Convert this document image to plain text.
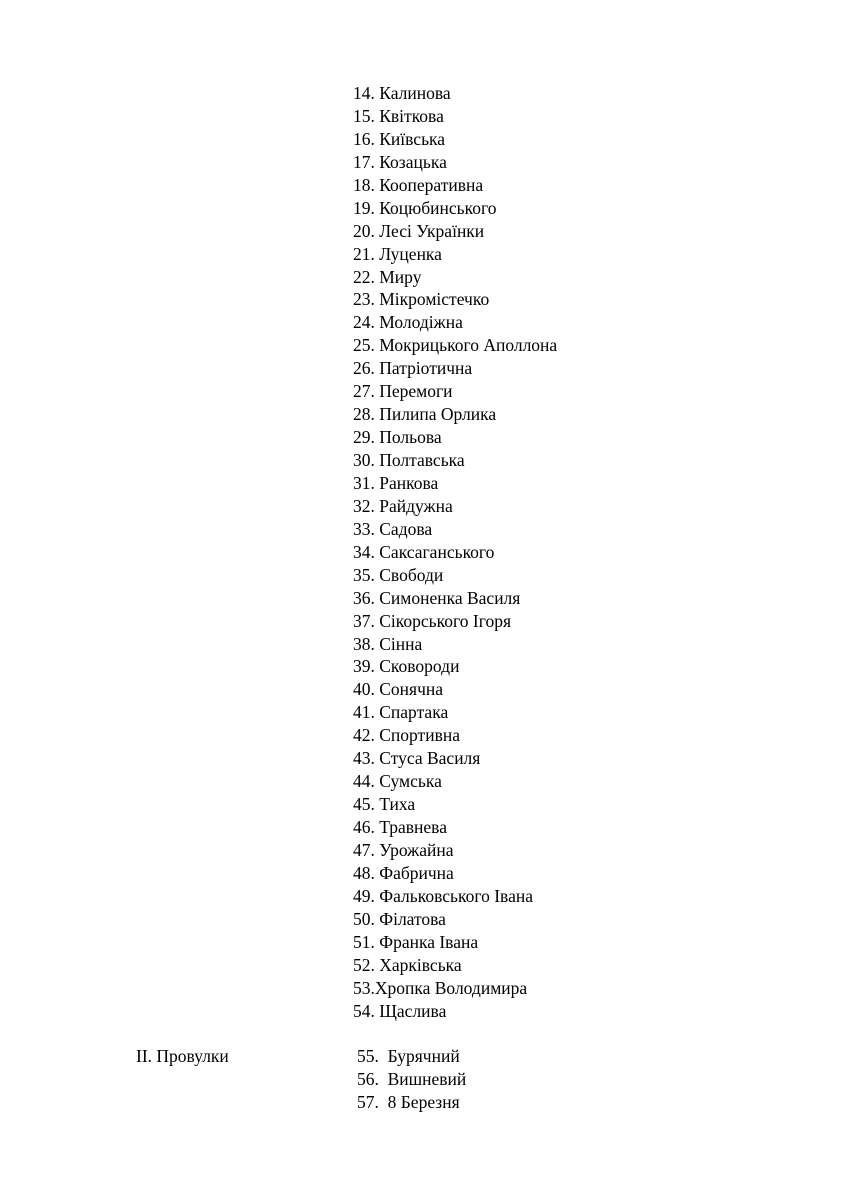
14. Калинова
15. Квіткова
16. Київська
17. Козацька
18. Кооперативна
19. Коцюбинського
20. Лесі Українки
21. Луценка
22. Миру
23. Мікромістечко
24. Молодіжна
25. Мокрицького Аполлона
26. Патріотична
27. Перемоги
28. Пилипа Орлика
29. Польова
30. Полтавська
31. Ранкова
32. Райдужна
33. Садова
34. Саксаганського
35. Свободи
36. Симоненка Василя
37. Сікорського Ігоря
38. Сінна
39. Сковороди
40. Сонячна
41. Спартака
42. Спортивна
43. Стуса Василя
44. Сумська
45. Тиха
46. Травнева
47. Урожайна
48. Фабрична
49. Фальковського Івана
50. Філатова
51. Франка Івана
52. Харківська
53.Хропка Володимира
54. Щаслива
ІІ. Провулки	55. Бурячний
56. Вишневий
57. 8 Березня
